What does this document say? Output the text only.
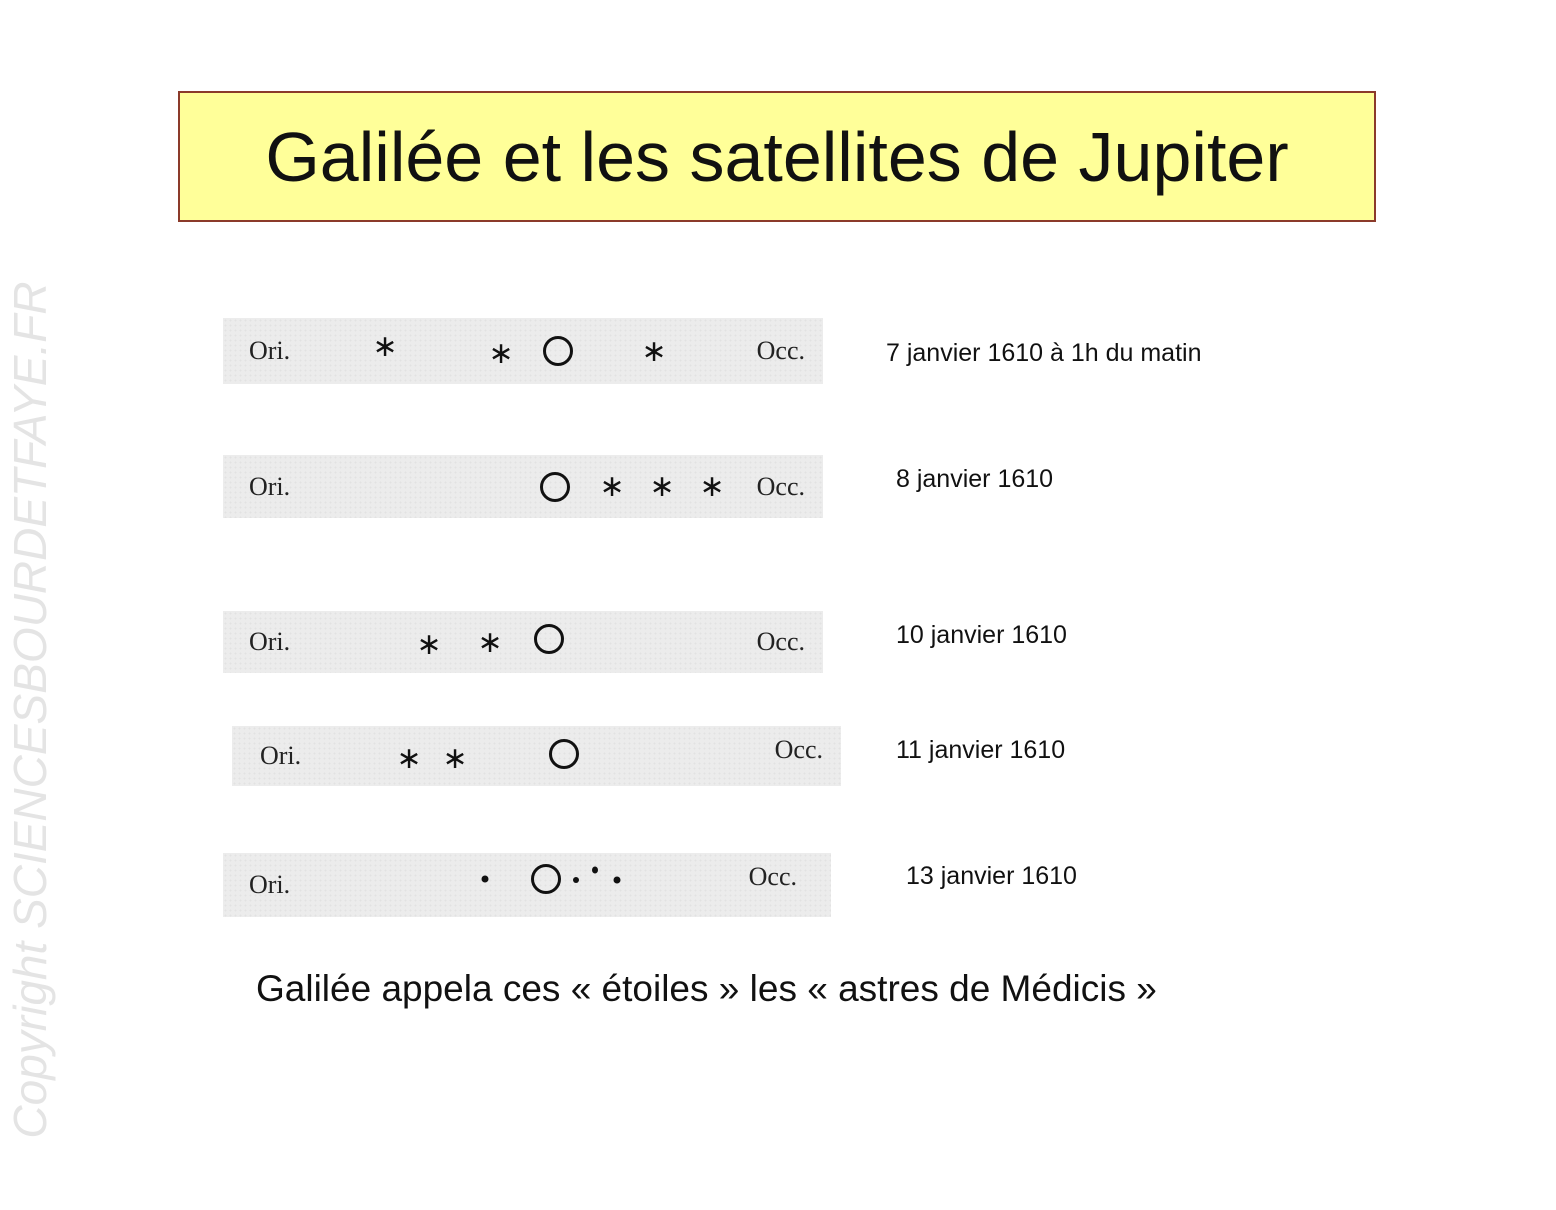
Copyright SCIENCESBOURDETFAYE.FR
Galilée et les satellites de Jupiter
Ori.	∗	∗	∗	Occ.	7 janvier 1610 à 1h du matin
Ori.	∗ ∗ ∗ Occ.	8 janvier 1610
Ori.	∗ ∗	Occ.	10 janvier 1610
Ori.	∗ ∗	Occ.	11 janvier 1610
Ori.	Occ.	13 janvier 1610
Galilée appela ces « étoiles » les « astres de Médicis »
